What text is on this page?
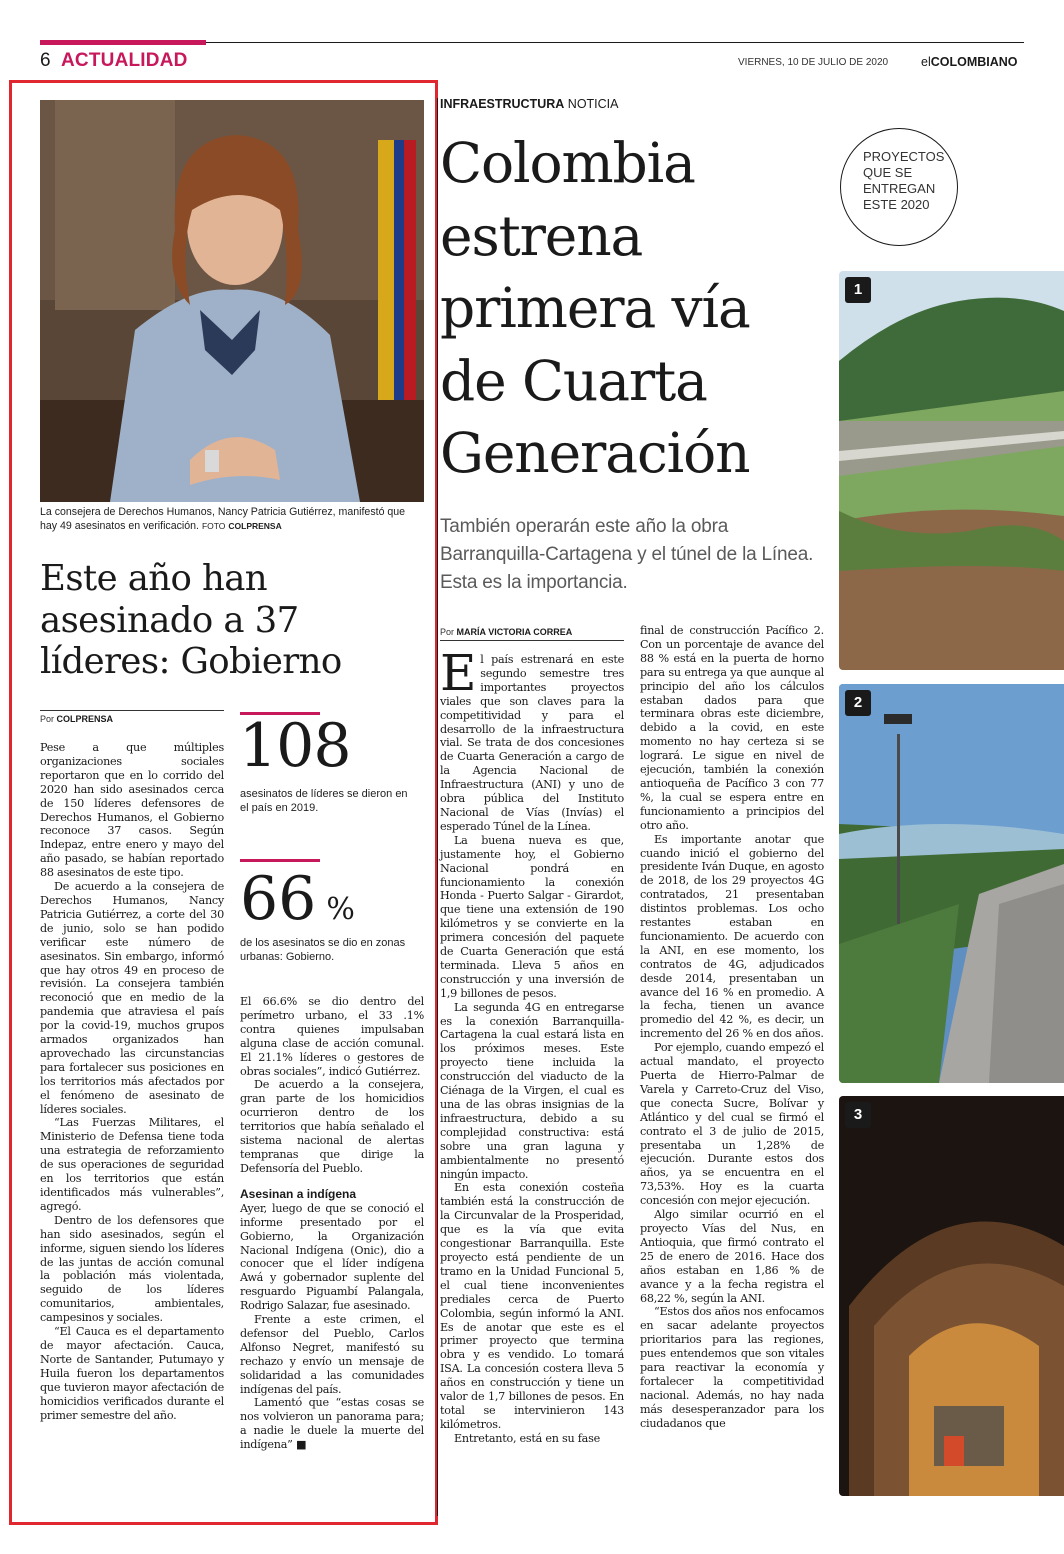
6 ACTUALIDAD	VIERNES, 10 DE JULIO DE 2020	elCOLOMBIANO
La consejera de Derechos Humanos, Nancy Patricia Gutiérrez, manifestó que hay 49 asesinatos en verificación. FOTO COLPRENSA
Este año han asesinado a 37 líderes: Gobierno
Por COLPRENSA 108
asesinatos de líderes se dieron en el país en 2019.
66 %
de los asesinatos se dio en zonas urbanas: Gobierno.

Pese a que múltiples organizaciones sociales reportaron que en lo corrido del 2020 han sido asesinados cerca de 150 líderes defensores de Derechos Humanos, el Gobierno reconoce 37 casos. Según Indepaz, entre enero y mayo del año pasado, se habían reportado 88 asesinatos de este tipo.

De acuerdo a la consejera de Derechos Humanos, Nancy Patricia Gutiérrez, a corte del 30 de junio, solo se han podido verificar este número de asesinatos. Sin embargo, informó que hay otros 49 en proceso de revisión. La consejera también reconoció que en medio de la pandemia que atraviesa el país por la covid-19, muchos grupos armados organizados han aprovechado las circunstancias para fortalecer sus posiciones en los territorios más afectados por el fenómeno de asesinato de líderes sociales.

“Las Fuerzas Militares, el Ministerio de Defensa tiene toda una estrategia de reforzamiento de sus operaciones de seguridad en los territorios que están identificados más vulnerables”, agregó.

Dentro de los defensores que han sido asesinados, según el informe, siguen siendo los líderes de las juntas de acción comunal la población más violentada, seguido de los líderes comunitarios, ambientales, campesinos y sociales.

“El Cauca es el departamento de mayor afectación. Cauca, Norte de Santander, Putumayo y Huila fueron los departamentos que tuvieron mayor afectación de homicidios verificados durante el primer semestre del año.

El 66.6% se dio dentro del perímetro urbano, el 33 .1% contra quienes impulsaban alguna clase de acción comunal. El 21.1% líderes o gestores de obras sociales”, indicó Gutiérrez.

De acuerdo a la consejera, gran parte de los homicidios ocurrieron dentro de los territorios que había señalado el sistema nacional de alertas tempranas que dirige la Defensoría del Pueblo.

Asesinan a indígena

Ayer, luego de que se conoció el informe presentado por el Gobierno, la Organización Nacional Indígena (Onic), dio a conocer que el líder indígena Awá y gobernador suplente del resguardo Piguambí Palangala, Rodrigo Salazar, fue asesinado.

Frente a este crimen, el defensor del Pueblo, Carlos Alfonso Negret, manifestó su rechazo y envío un mensaje de solidaridad a las comunidades indígenas del país.

Lamentó que “estas cosas se nos volvieron un panorama para; a nadie le duele la muerte del indígena” ■

INFRAESTRUCTURA NOTICIA
Colombia estrena primera vía de Cuarta Generación
También operarán este año la obra Barranquilla-Cartagena y el túnel de la Línea. Esta es la importancia.
Por MARÍA VICTORIA CORREA
E l país estrenará en este segundo semestre tres importantes proyectos viales que son claves para la competitividad y para el desarrollo de la infraestructura vial. Se trata de dos concesiones de Cuarta Generación a cargo de la Agencia Nacional de Infraestructura (ANI) y uno de obra pública del Instituto Nacional de Vías (Invías) el esperado Túnel de la Línea.

La buena nueva es que, justamente hoy, el Gobierno Nacional pondrá en funcionamiento la conexión Honda - Puerto Salgar - Girardot, que tiene una extensión de 190 kilómetros y se convierte en la primera concesión del paquete de Cuarta Generación que está terminada. Lleva 5 años en construcción y una inversión de 1,9 billones de pesos.

La segunda 4G en entregarse es la conexión Barranquilla-Cartagena la cual estará lista en los próximos meses. Este proyecto tiene incluida la construcción del viaducto de la Ciénaga de la Virgen, el cual es una de las obras insignias de la infraestructura, debido a su complejidad constructiva: está sobre una gran laguna y ambientalmente no presentó ningún impacto.

En esta conexión costeña también está la construcción de la Circunvalar de la Prosperidad, que es la vía que evita congestionar Barranquilla. Este proyecto está pendiente de un tramo en la Unidad Funcional 5, el cual tiene inconvenientes prediales cerca de Puerto Colombia, según informó la ANI. Es de anotar que este es el primer proyecto que termina obra y es vendido. Lo tomará ISA. La concesión costera lleva 5 años en construcción y tiene un valor de 1,7 billones de pesos. En total se intervinieron 143 kilómetros.

Entretanto, está en su fase

final de construcción Pacífico 2. Con un porcentaje de avance del 88 % está en la puerta de horno para su entrega ya que aunque al principio del año los cálculos estaban dados para que terminara obras este diciembre, debido a la covid, en este momento no hay certeza si se logrará. Le sigue en nivel de ejecución, también la conexión antioqueña de Pacífico 3 con 77 %, la cual se espera entre en funcionamiento a principios del otro año.

Es importante anotar que cuando inició el gobierno del presidente Iván Duque, en agosto de 2018, de los 29 proyectos 4G contratados, 21 presentaban distintos problemas. Los ocho restantes estaban en funcionamiento. De acuerdo con la ANI, en ese momento, los contratos de 4G, adjudicados desde 2014, presentaban un avance del 16 % en promedio. A la fecha, tienen un avance promedio del 42 %, es decir, un incremento del 26 % en dos años.

Por ejemplo, cuando empezó el actual mandato, el proyecto Puerta de Hierro-Palmar de Varela y Carreto-Cruz del Viso, que conecta Sucre, Bolívar y Atlántico y del cual se firmó el contrato el 3 de julio de 2015, presentaba un 1,28% de ejecución. Durante estos dos años, ya se encuentra en el 73,53%. Hoy es la cuarta concesión con mejor ejecución.

Algo similar ocurrió en el proyecto Vías del Nus, en Antioquia, que firmó contrato el 25 de enero de 2016. Hace dos años estaban en 1,86 % de avance y a la fecha registra el 68,22 %, según la ANI.

“Estos dos años nos enfocamos en sacar adelante proyectos prioritarios para las regiones, pues entendemos que son vitales para reactivar la economía y fortalecer la competitividad nacional. Además, no hay nada más desesperanzador para los ciudadanos que

PROYECTOS QUE SE ENTREGAN ESTE 2020
1
2
3
